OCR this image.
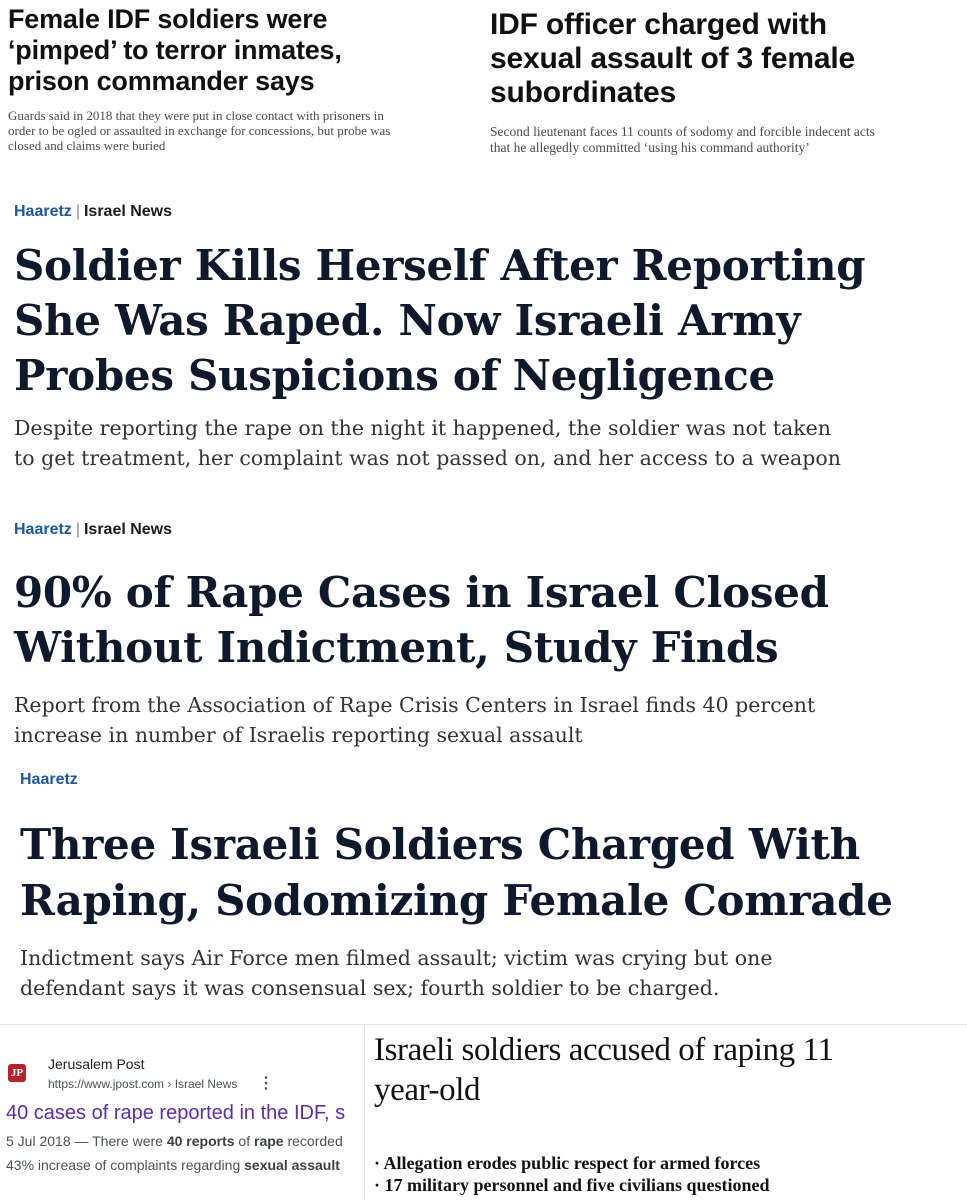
Female IDF soldiers were
‘pimped’ to terror inmates,
prison commander says
Guards said in 2018 that they were put in close contact with prisoners in
order to be ogled or assaulted in exchange for concessions, but probe was
closed and claims were buried
IDF officer charged with
sexual assault of 3 female
subordinates
Second lieutenant faces 11 counts of sodomy and forcible indecent acts
that he allegedly committed ‘using his command authority’
Haaretz | Israel News
Soldier Kills Herself After Reporting
She Was Raped. Now Israeli Army
Probes Suspicions of Negligence
Despite reporting the rape on the night it happened, the soldier was not taken
to get treatment, her complaint was not passed on, and her access to a weapon
Haaretz | Israel News
90% of Rape Cases in Israel Closed
Without Indictment, Study Finds
Report from the Association of Rape Crisis Centers in Israel finds 40 percent
increase in number of Israelis reporting sexual assault
Haaretz
Three Israeli Soldiers Charged With
Raping, Sodomizing Female Comrade
Indictment says Air Force men filmed assault; victim was crying but one
defendant says it was consensual sex; fourth soldier to be charged.
JP
Jerusalem Post
https://www.jpost.com › Israel News ⋮
40 cases of rape reported in the IDF, s
5 Jul 2018 — There were 40 reports of rape recorded
43% increase of complaints regarding sexual assault
Israeli soldiers accused of raping 11
year-old
· Allegation erodes public respect for armed forces
· 17 military personnel and five civilians questioned
